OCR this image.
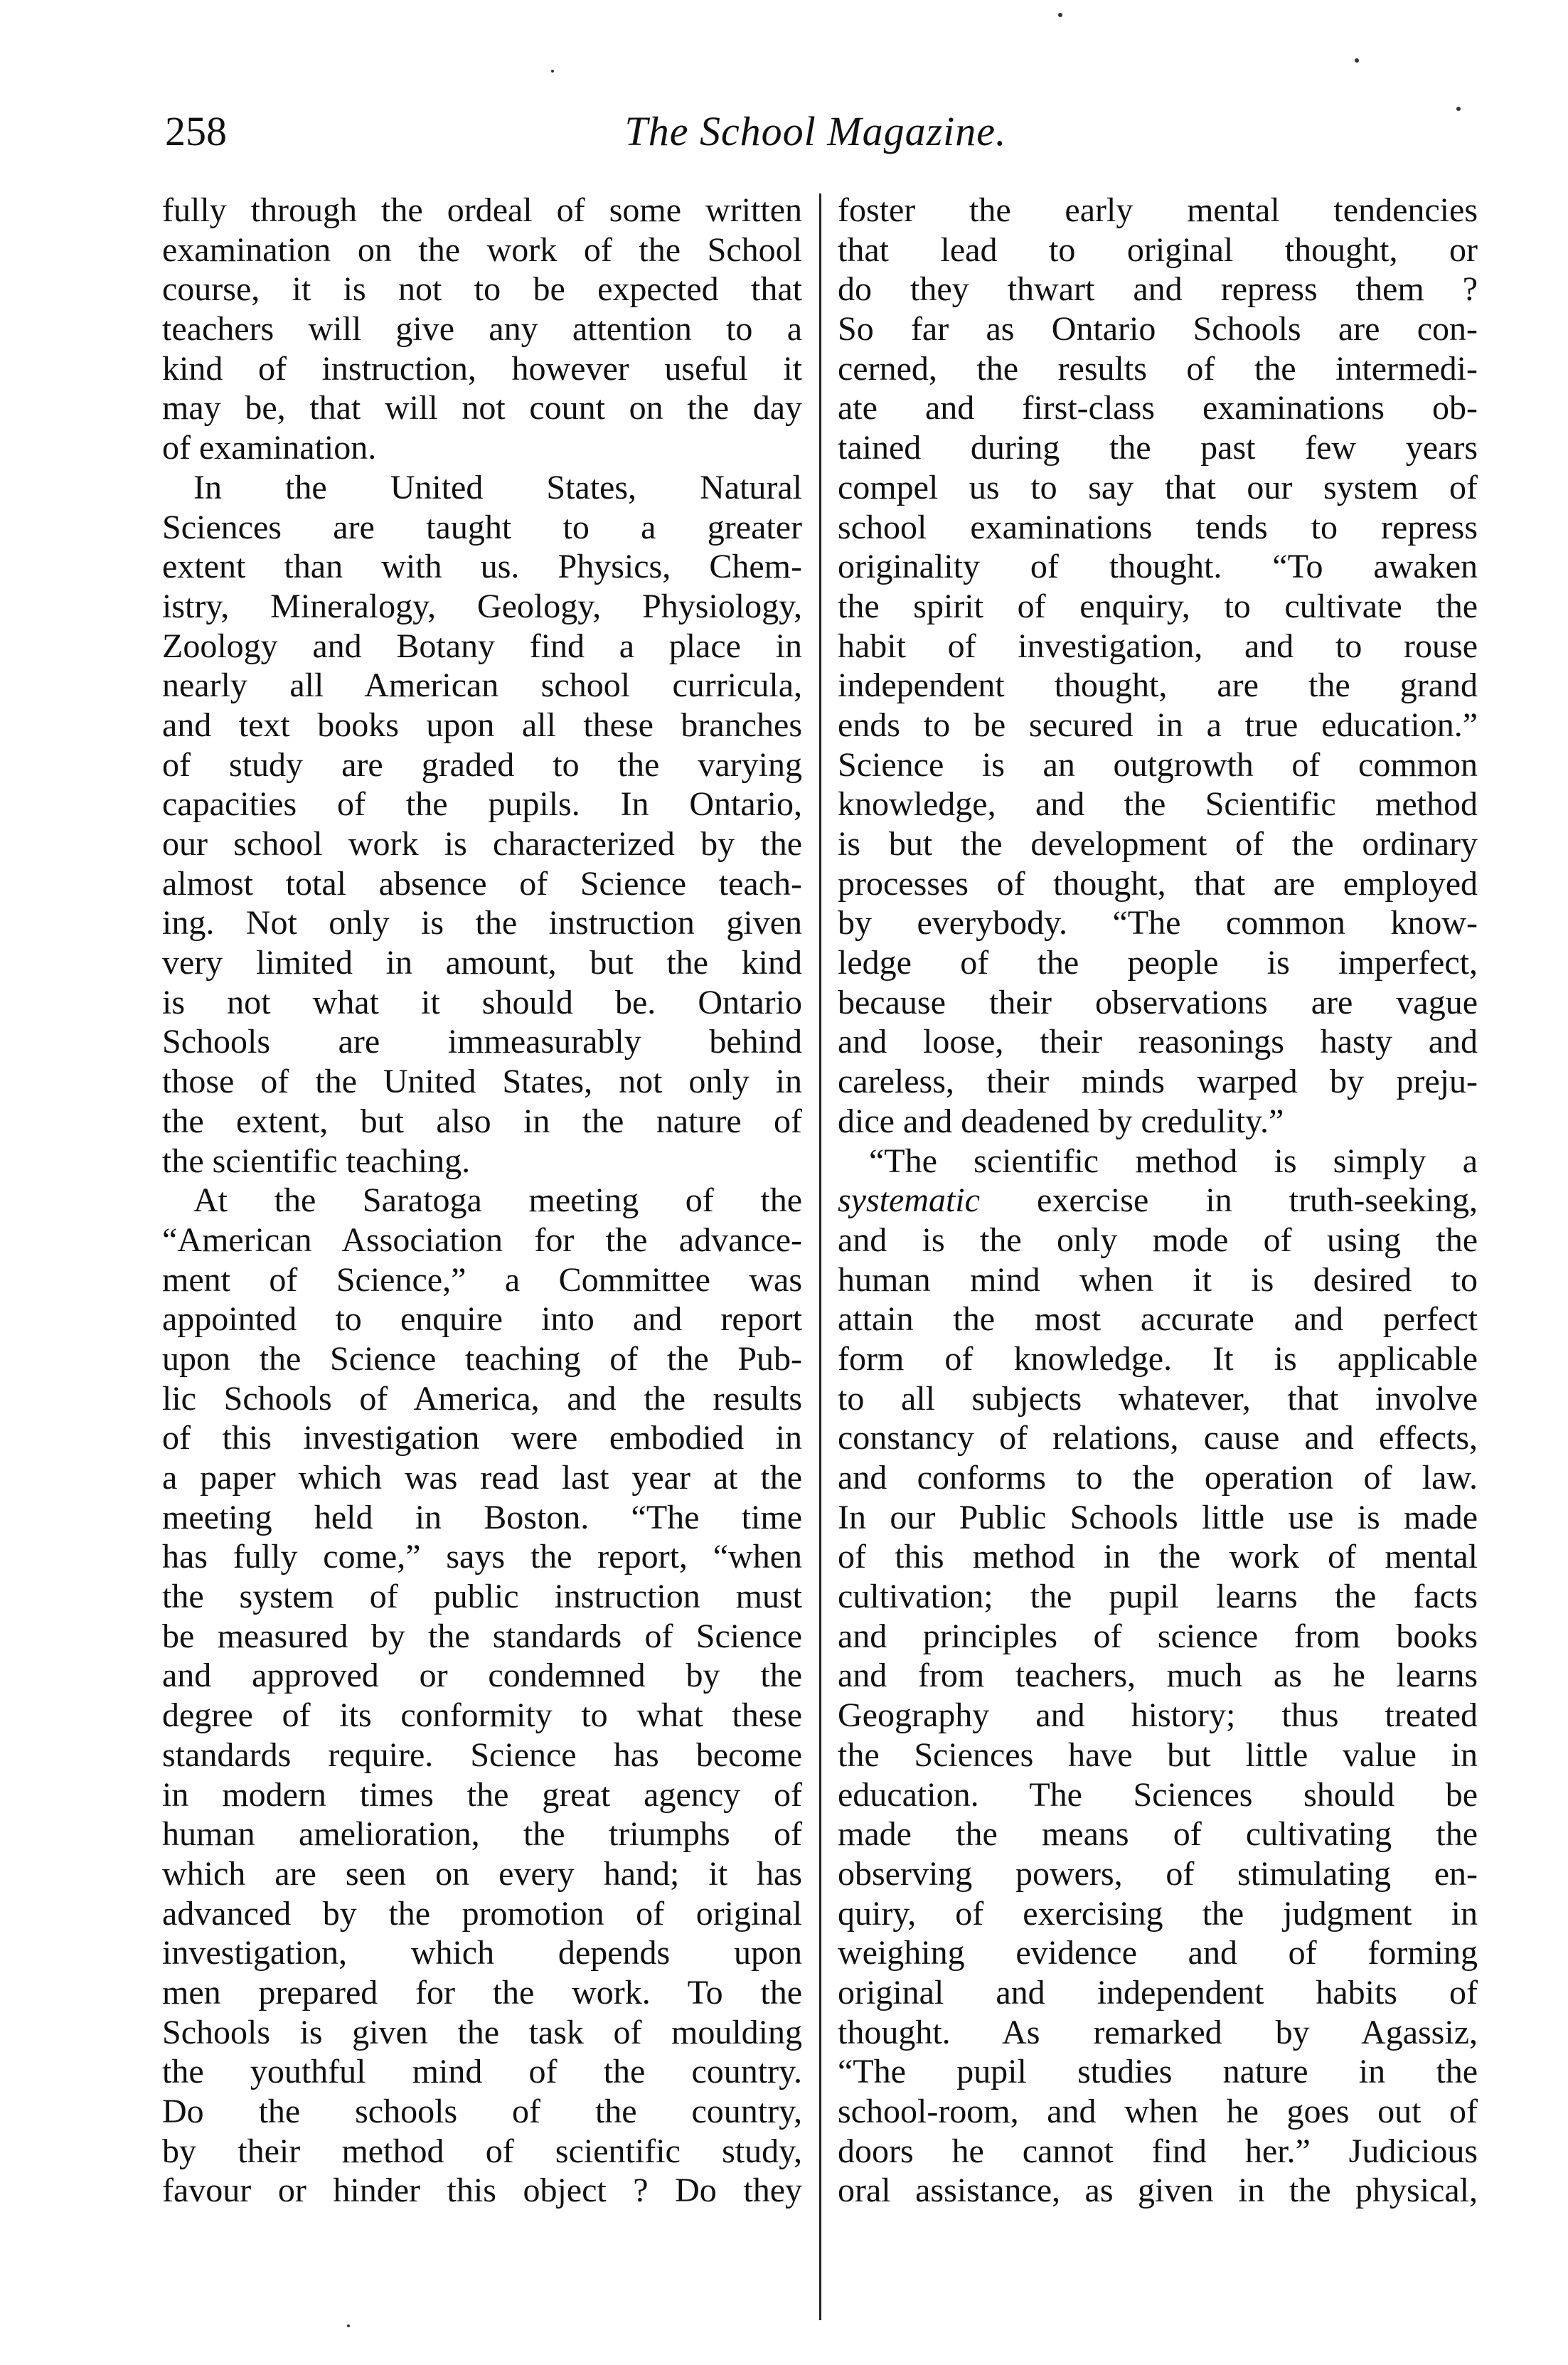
258	The School Magazine.
fully through the ordeal of some written
examination on the work of the School
course, it is not to be expected that
teachers will give any attention to a
kind of instruction, however useful it
may be, that will not count on the day
of examination.
In the United States, Natural
Sciences are taught to a greater
extent than with us. Physics, Chem-
istry, Mineralogy, Geology, Physiology,
Zoology and Botany find a place in
nearly all American school curricula,
and text books upon all these branches
of study are graded to the varying
capacities of the pupils. In Ontario,
our school work is characterized by the
almost total absence of Science teach-
ing. Not only is the instruction given
very limited in amount, but the kind
is not what it should be. Ontario
Schools are immeasurably behind
those of the United States, not only in
the extent, but also in the nature of
the scientific teaching.
At the Saratoga meeting of the
“American Association for the advance-
ment of Science,” a Committee was
appointed to enquire into and report
upon the Science teaching of the Pub-
lic Schools of America, and the results
of this investigation were embodied in
a paper which was read last year at the
meeting held in Boston. “The time
has fully come,” says the report, “when
the system of public instruction must
be measured by the standards of Science
and approved or condemned by the
degree of its conformity to what these
standards require. Science has become
in modern times the great agency of
human amelioration, the triumphs of
which are seen on every hand; it has
advanced by the promotion of original
investigation, which depends upon
men prepared for the work. To the
Schools is given the task of moulding
the youthful mind of the country.
Do the schools of the country,
by their method of scientific study,
favour or hinder this object ? Do they
foster the early mental tendencies
that lead to original thought, or
do they thwart and repress them ?
So far as Ontario Schools are con-
cerned, the results of the intermedi-
ate and first-class examinations ob-
tained during the past few years
compel us to say that our system of
school examinations tends to repress
originality of thought. “To awaken
the spirit of enquiry, to cultivate the
habit of investigation, and to rouse
independent thought, are the grand
ends to be secured in a true education.”
Science is an outgrowth of common
knowledge, and the Scientific method
is but the development of the ordinary
processes of thought, that are employed
by everybody. “The common know-
ledge of the people is imperfect,
because their observations are vague
and loose, their reasonings hasty and
careless, their minds warped by preju-
dice and deadened by credulity.”
“The scientific method is simply a
systematic exercise in truth-seeking,
and is the only mode of using the
human mind when it is desired to
attain the most accurate and perfect
form of knowledge. It is applicable
to all subjects whatever, that involve
constancy of relations, cause and effects,
and conforms to the operation of law.
In our Public Schools little use is made
of this method in the work of mental
cultivation; the pupil learns the facts
and principles of science from books
and from teachers, much as he learns
Geography and history; thus treated
the Sciences have but little value in
education. The Sciences should be
made the means of cultivating the
observing powers, of stimulating en-
quiry, of exercising the judgment in
weighing evidence and of forming
original and independent habits of
thought. As remarked by Agassiz,
“The pupil studies nature in the
school-room, and when he goes out of
doors he cannot find her.” Judicious
oral assistance, as given in the physical,
